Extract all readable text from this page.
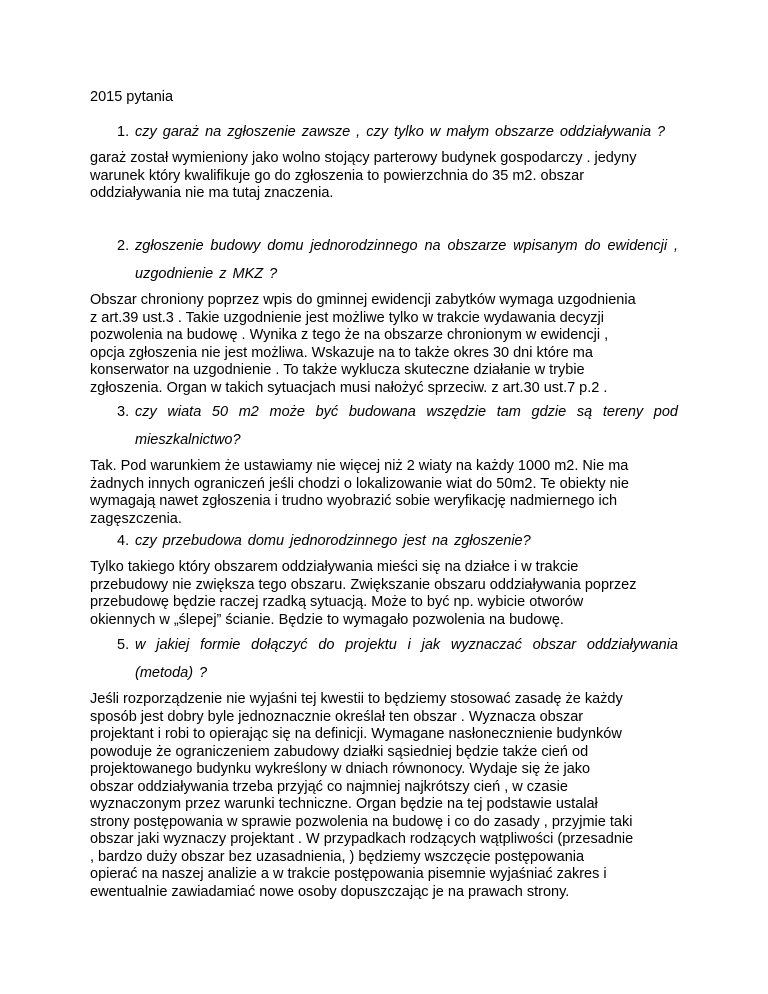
2015 pytania

1. czy garaż na zgłoszenie zawsze , czy tylko w małym obszarze oddziaływania ?

garaż został wymieniony jako wolno stojący parterowy budynek gospodarczy . jedyny
warunek który kwalifikuje go do zgłoszenia to powierzchnia do 35 m2. obszar
oddziaływania nie ma tutaj znaczenia.

2. zgłoszenie budowy domu jednorodzinnego na obszarze wpisanym do ewidencji , uzgodnienie z MKZ ?

Obszar chroniony poprzez wpis do gminnej ewidencji zabytków wymaga uzgodnienia
z art.39 ust.3 . Takie uzgodnienie jest możliwe tylko w trakcie wydawania decyzji
pozwolenia na budowę . Wynika z tego że na obszarze chronionym w ewidencji ,
opcja zgłoszenia nie jest możliwa. Wskazuje na to także okres 30 dni które ma
konserwator na uzgodnienie . To także wyklucza skuteczne działanie w trybie
zgłoszenia. Organ w takich sytuacjach musi nałożyć sprzeciw. z art.30 ust.7 p.2 .

3. czy wiata 50 m2 może być budowana wszędzie tam gdzie są tereny pod mieszkalnictwo?

Tak. Pod warunkiem że ustawiamy nie więcej niż 2 wiaty na każdy 1000 m2. Nie ma
żadnych innych ograniczeń jeśli chodzi o lokalizowanie wiat do 50m2. Te obiekty nie
wymagają nawet zgłoszenia i trudno wyobrazić sobie weryfikację nadmiernego ich
zagęszczenia.

4. czy przebudowa domu jednorodzinnego jest na zgłoszenie?

Tylko takiego który obszarem oddziaływania mieści się na działce i w trakcie
przebudowy nie zwiększa tego obszaru. Zwiększanie obszaru oddziaływania poprzez
przebudowę będzie raczej rzadką sytuacją. Może to być np. wybicie otworów
okiennych w „ślepej” ścianie. Będzie to wymagało pozwolenia na budowę.

5. w jakiej formie dołączyć do projektu i jak wyznaczać obszar oddziaływania (metoda) ?

Jeśli rozporządzenie nie wyjaśni tej kwestii to będziemy stosować zasadę że każdy
sposób jest dobry byle jednoznacznie określał ten obszar . Wyznacza obszar
projektant i robi to opierając się na definicji. Wymagane nasłonecznienie budynków
powoduje że ograniczeniem zabudowy działki sąsiedniej będzie także cień od
projektowanego budynku wykreślony w dniach równonocy. Wydaje się że jako
obszar oddziaływania trzeba przyjąć co najmniej najkrótszy cień , w czasie
wyznaczonym przez warunki techniczne. Organ będzie na tej podstawie ustalał
strony postępowania w sprawie pozwolenia na budowę i co do zasady , przyjmie taki
obszar jaki wyznaczy projektant . W przypadkach rodzących wątpliwości (przesadnie
, bardzo duży obszar bez uzasadnienia, ) będziemy wszczęcie postępowania
opierać na naszej analizie a w trakcie postępowania pisemnie wyjaśniać zakres i
ewentualnie zawiadamiać nowe osoby dopuszczając je na prawach strony.
